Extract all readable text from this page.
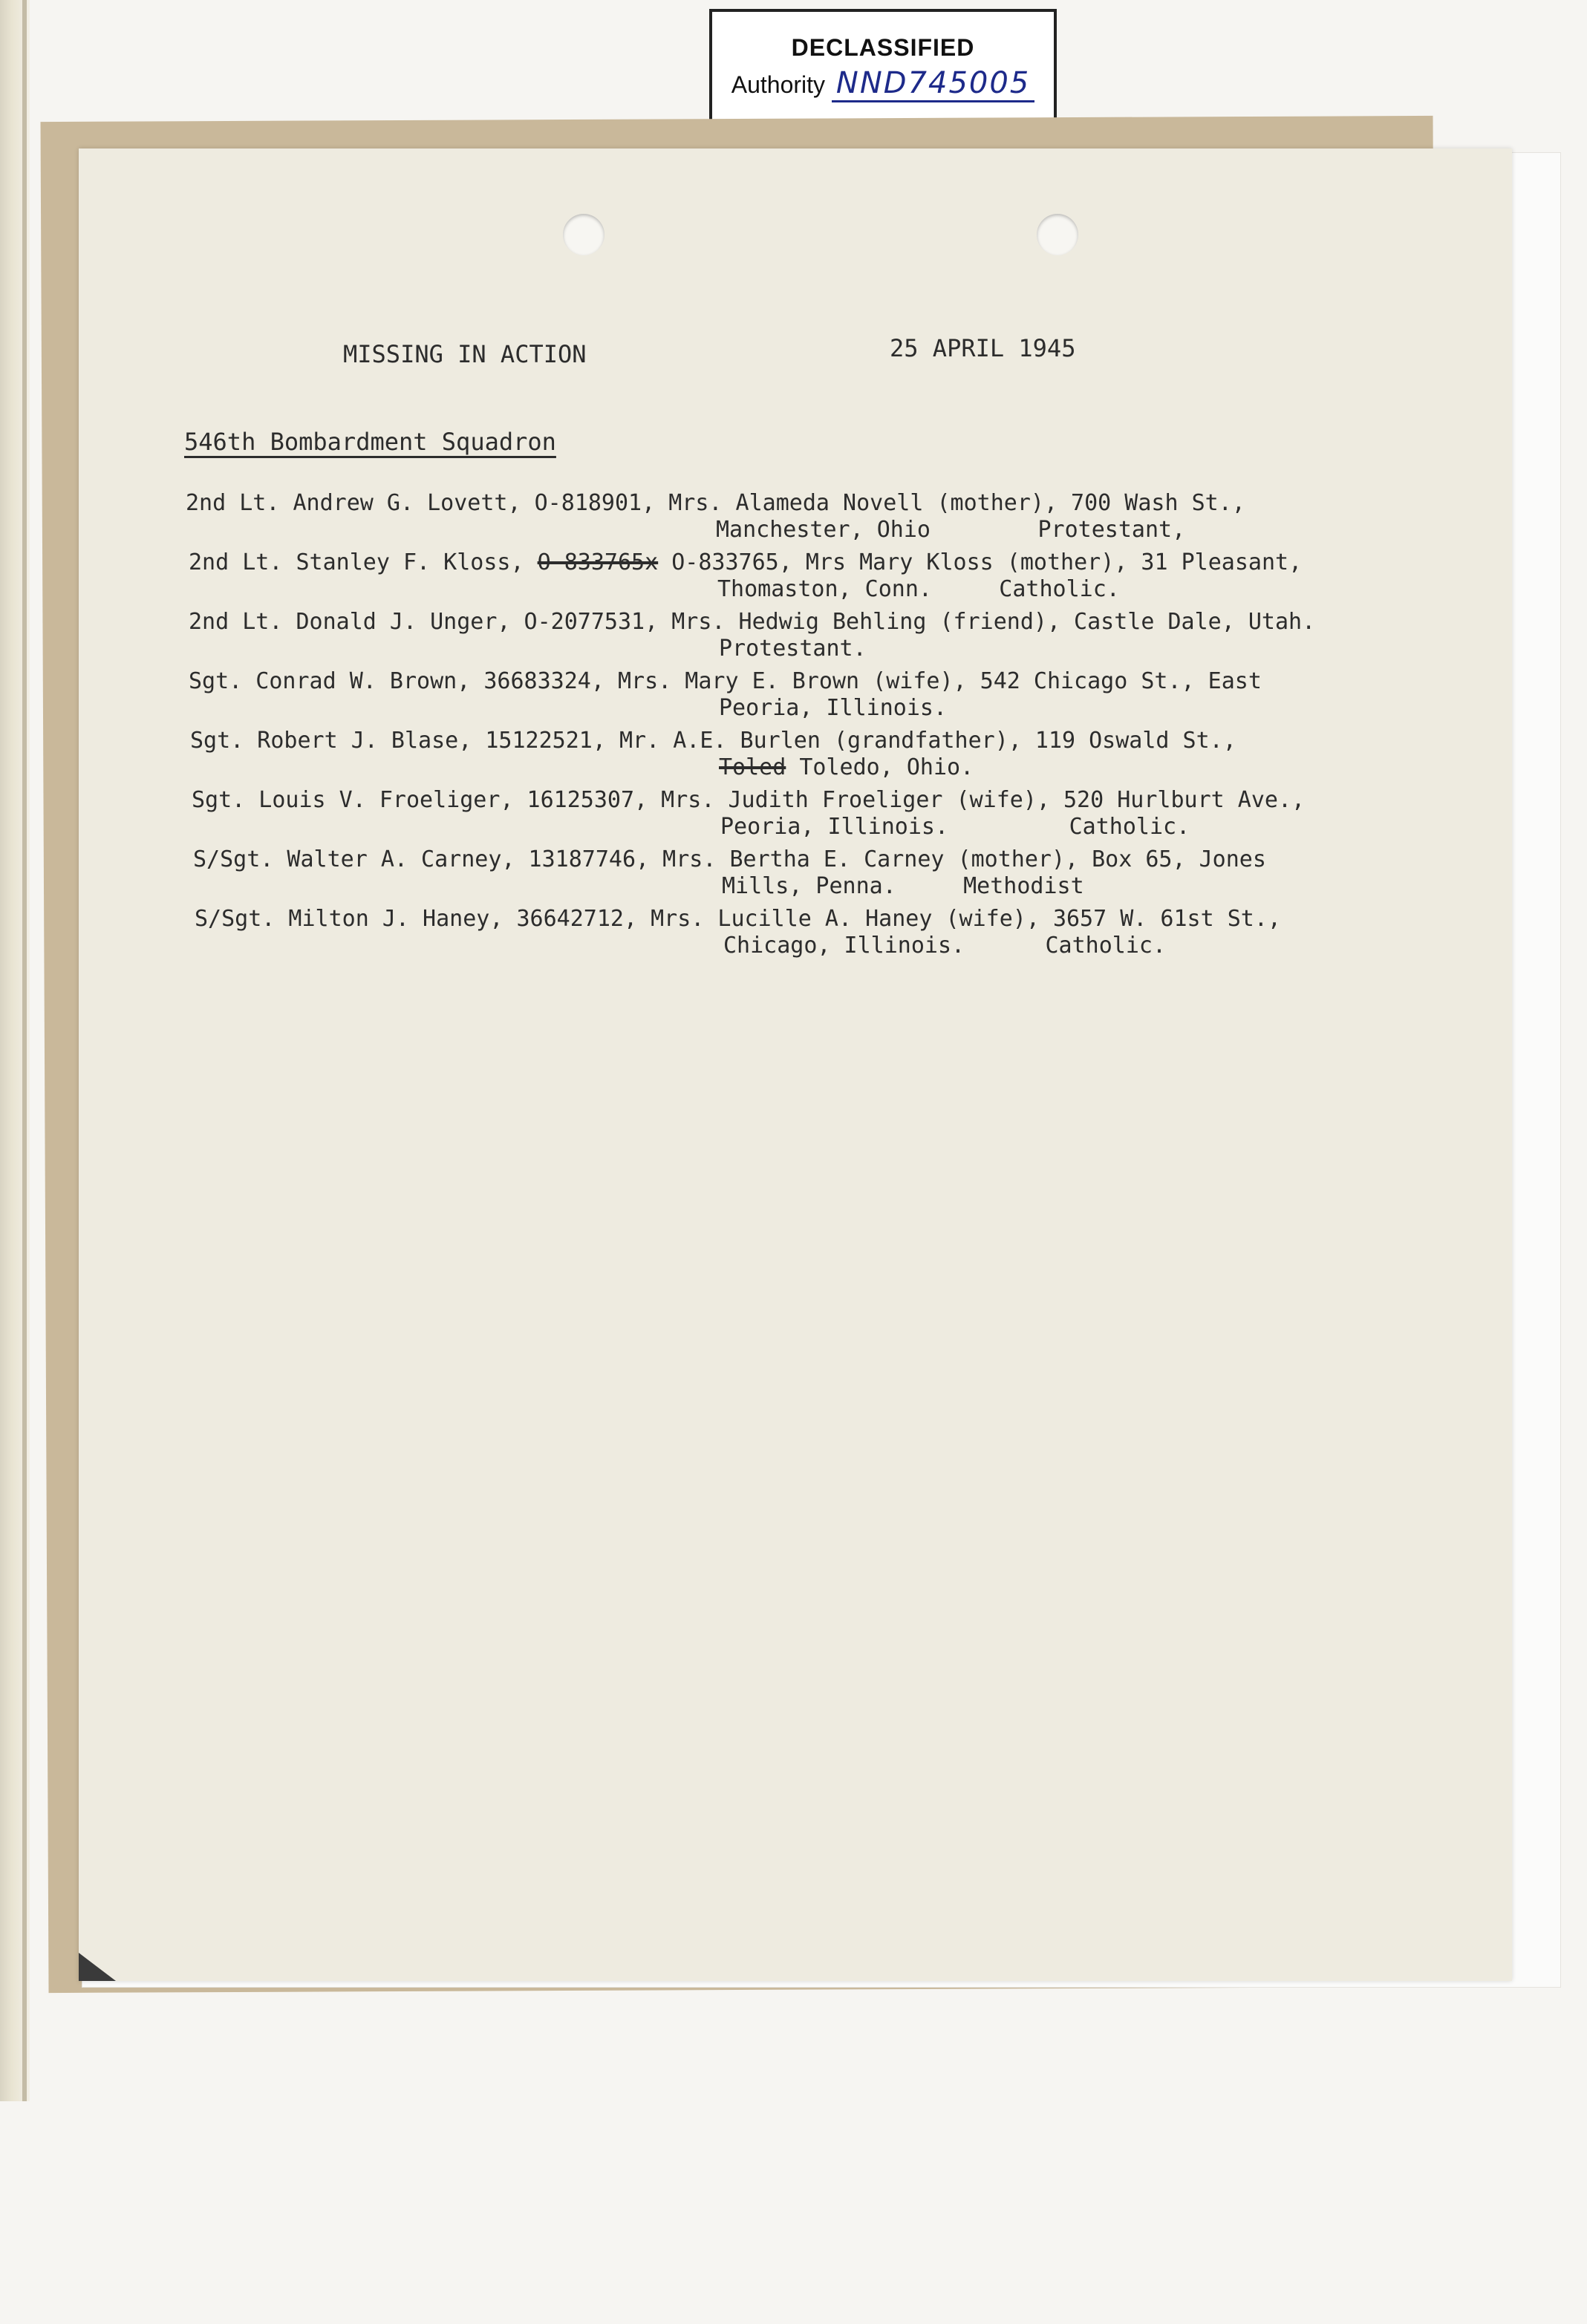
DECLASSIFIED
Authority NND745005
MISSING IN ACTION	25 APRIL 1945
546th Bombardment Squadron
2nd Lt. Andrew G. Lovett, O-818901, Mrs. Alameda Novell (mother), 700 Wash St.,
Manchester, Ohio        Protestant,
2nd Lt. Stanley F. Kloss, O-833765x O-833765, Mrs Mary Kloss (mother), 31 Pleasant,
Thomaston, Conn.     Catholic.
2nd Lt. Donald J. Unger, O-2077531, Mrs. Hedwig Behling (friend), Castle Dale, Utah.
Protestant.
Sgt. Conrad W. Brown, 36683324, Mrs. Mary E. Brown (wife), 542 Chicago St., East
Peoria, Illinois.
Sgt. Robert J. Blase, 15122521, Mr. A.E. Burlen (grandfather), 119 Oswald St.,
Toled Toledo, Ohio.
Sgt. Louis V. Froeliger, 16125307, Mrs. Judith Froeliger (wife), 520 Hurlburt Ave.,
Peoria, Illinois.         Catholic.
S/Sgt. Walter A. Carney, 13187746, Mrs. Bertha E. Carney (mother), Box 65, Jones
Mills, Penna.     Methodist
S/Sgt. Milton J. Haney, 36642712, Mrs. Lucille A. Haney (wife), 3657 W. 61st St.,
Chicago, Illinois.      Catholic.
